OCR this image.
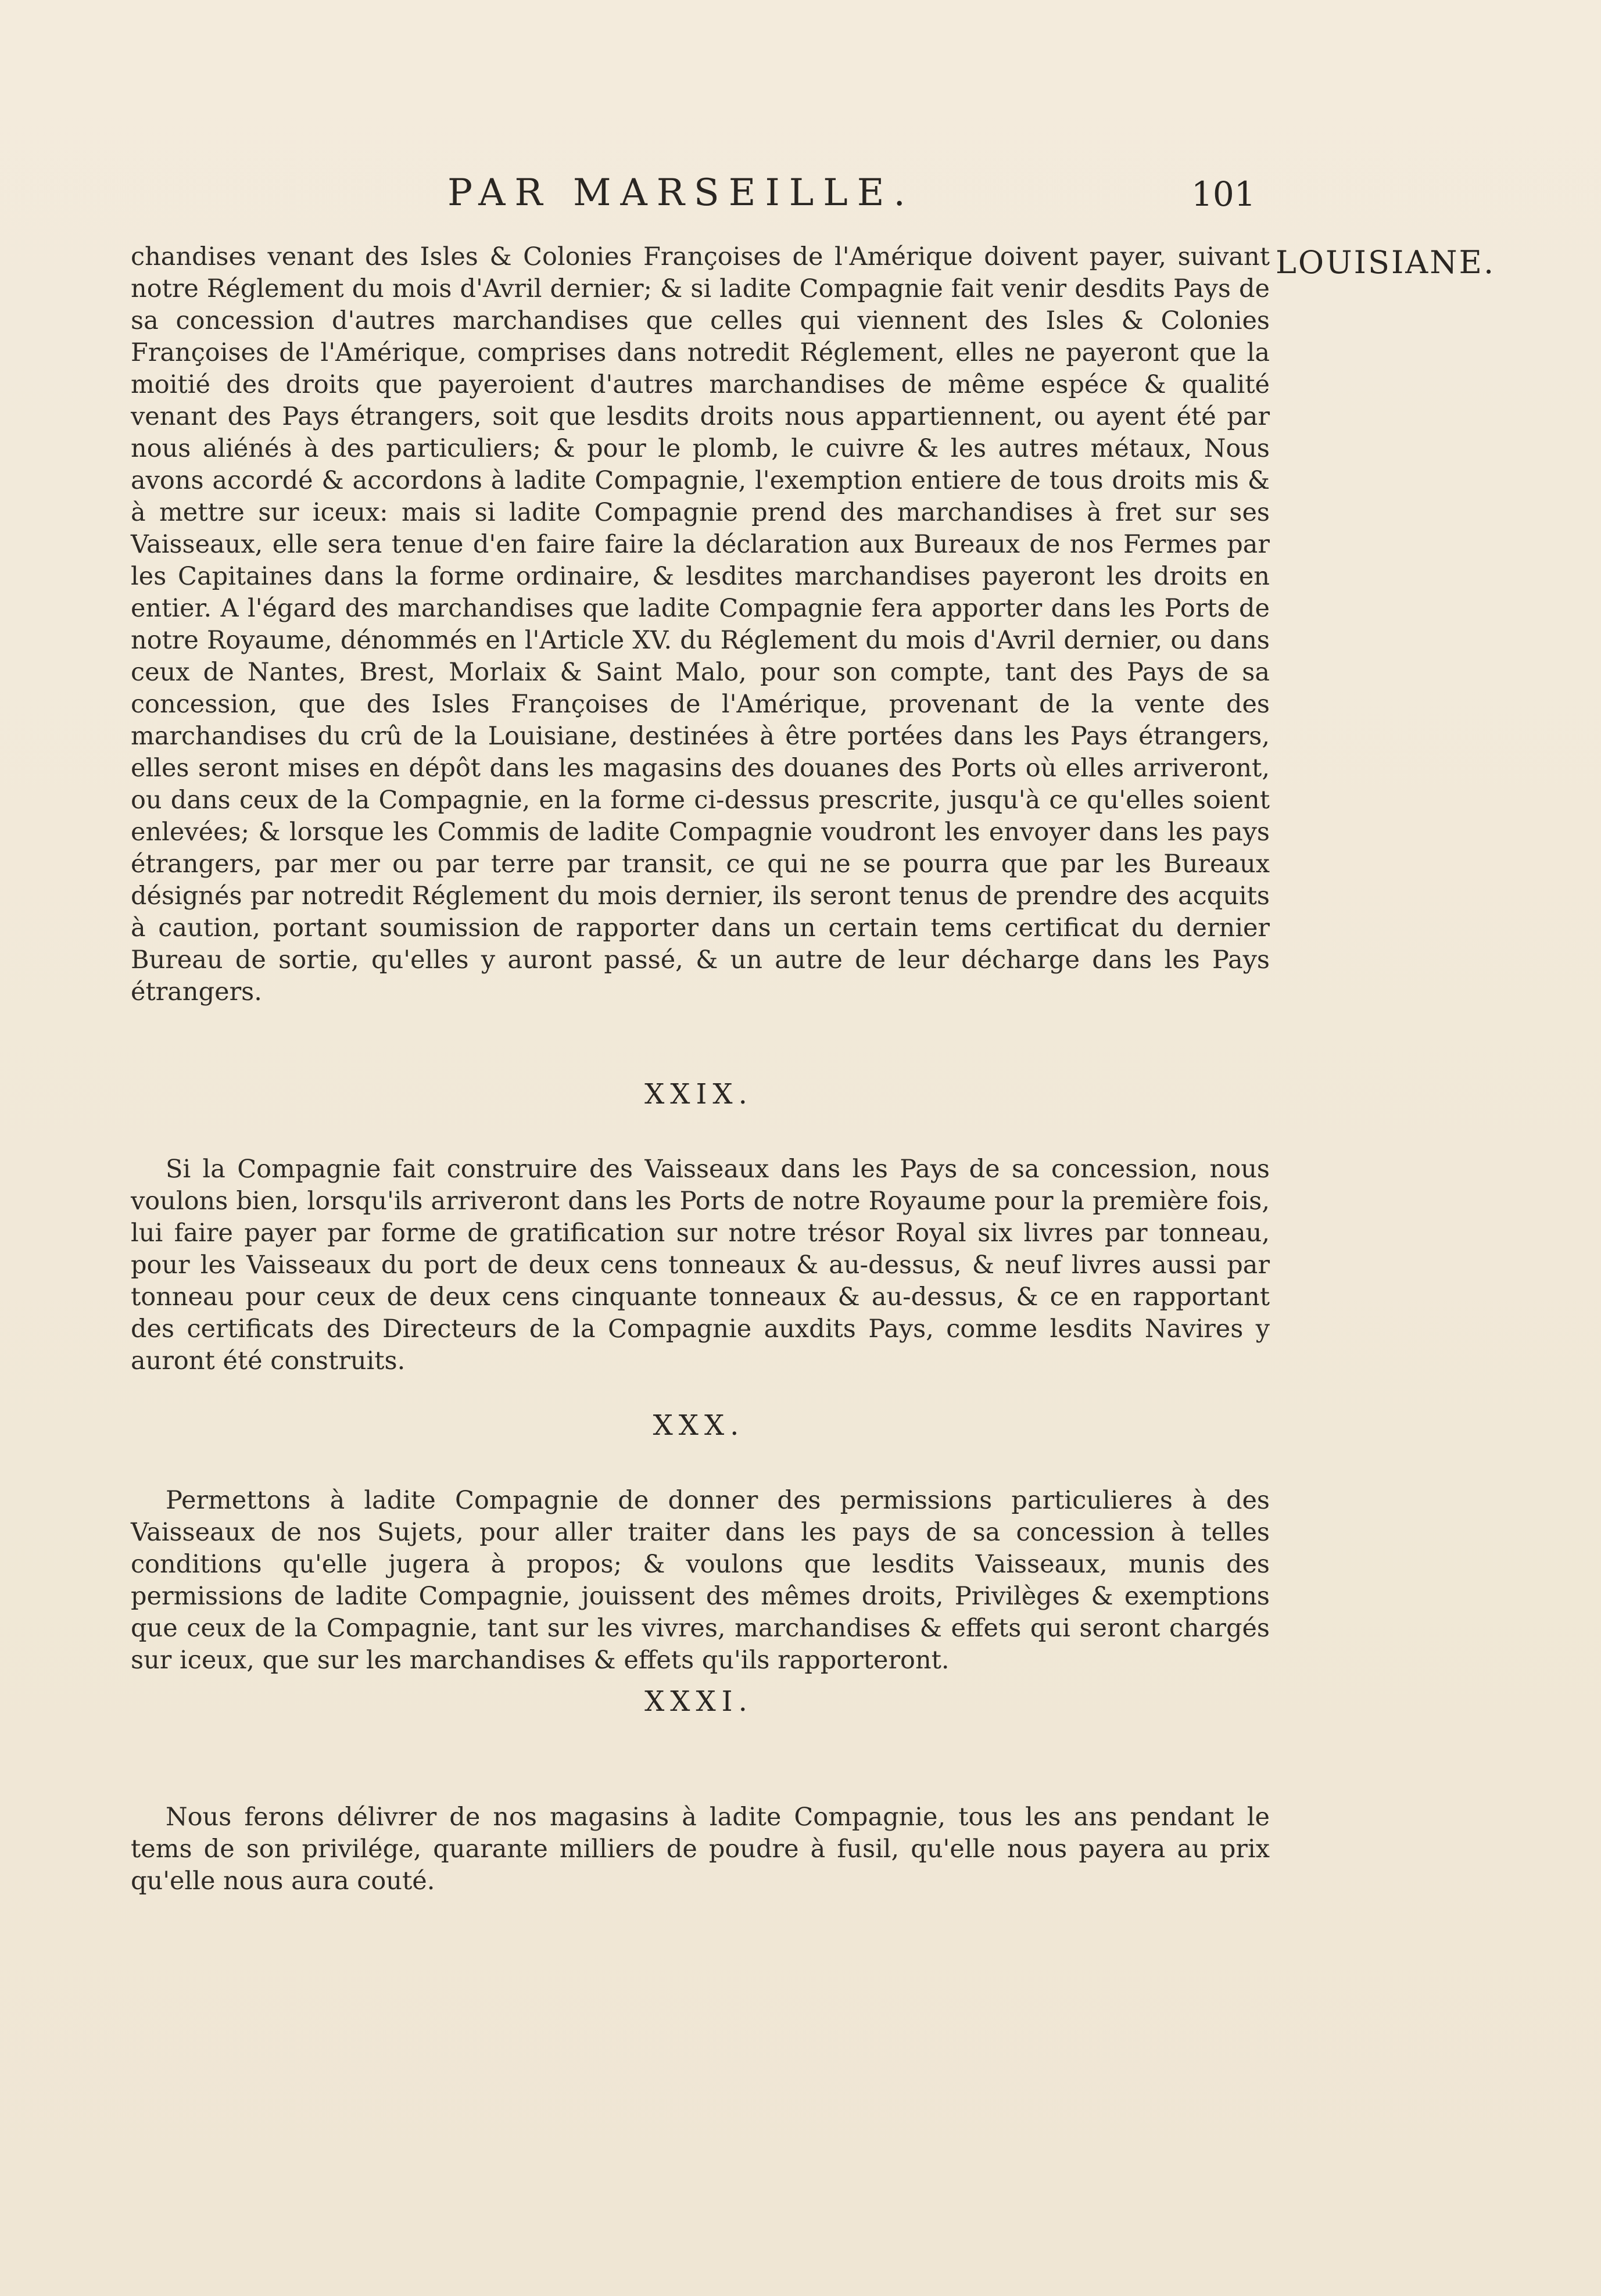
PAR MARSEILLE.	101
LOUISIANE.

chandises venant des Isles & Colonies Françoises de l'Amérique doivent payer, suivant notre Réglement du mois d'Avril dernier; & si ladite Compagnie fait venir desdits Pays de sa concession d'autres marchandises que celles qui viennent des Isles & Colonies Françoises de l'Amérique, comprises dans notredit Réglement, elles ne payeront que la moitié des droits que payeroient d'autres marchandises de même espéce & qualité venant des Pays étrangers, soit que lesdits droits nous appartiennent, ou ayent été par nous aliénés à des particuliers; & pour le plomb, le cuivre & les autres métaux, Nous avons accordé & accordons à ladite Compagnie, l'exemption entiere de tous droits mis & à mettre sur iceux: mais si ladite Compagnie prend des marchandises à fret sur ses Vaisseaux, elle sera tenue d'en faire faire la déclaration aux Bureaux de nos Fermes par les Capitaines dans la forme ordinaire, & lesdites marchandises payeront les droits en entier. A l'égard des marchandises que ladite Compagnie fera apporter dans les Ports de notre Royaume, dénommés en l'Article XV. du Réglement du mois d'Avril dernier, ou dans ceux de Nantes, Brest, Morlaix & Saint Malo, pour son compte, tant des Pays de sa concession, que des Isles Françoises de l'Amérique, provenant de la vente des marchandises du crû de la Louisiane, destinées à être portées dans les Pays étrangers, elles seront mises en dépôt dans les magasins des douanes des Ports où elles arriveront, ou dans ceux de la Compagnie, en la forme ci-dessus prescrite, jusqu'à ce qu'elles soient enlevées; & lorsque les Commis de ladite Compagnie voudront les envoyer dans les pays étrangers, par mer ou par terre par transit, ce qui ne se pourra que par les Bureaux désignés par notredit Réglement du mois dernier, ils seront tenus de prendre des acquits à caution, portant soumission de rapporter dans un certain tems certificat du dernier Bureau de sortie, qu'elles y auront passé, & un autre de leur décharge dans les Pays étrangers.

XXIX.

Si la Compagnie fait construire des Vaisseaux dans les Pays de sa concession, nous voulons bien, lorsqu'ils arriveront dans les Ports de notre Royaume pour la première fois, lui faire payer par forme de gratification sur notre trésor Royal six livres par tonneau, pour les Vaisseaux du port de deux cens tonneaux & au-dessus, & neuf livres aussi par tonneau pour ceux de deux cens cinquante tonneaux & au-dessus, & ce en rapportant des certificats des Directeurs de la Compagnie auxdits Pays, comme lesdits Navires y auront été construits.

XXX.

Permettons à ladite Compagnie de donner des permissions particulieres à des Vaisseaux de nos Sujets, pour aller traiter dans les pays de sa concession à telles conditions qu'elle jugera à propos; & voulons que lesdits Vaisseaux, munis des permissions de ladite Compagnie, jouissent des mêmes droits, Privilèges & exemptions que ceux de la Compagnie, tant sur les vivres, marchandises & effets qui seront chargés sur iceux, que sur les marchandises & effets qu'ils rapporteront.

XXXI.

Nous ferons délivrer de nos magasins à ladite Compagnie, tous les ans pendant le tems de son privilége, quarante milliers de poudre à fusil, qu'elle nous payera au prix qu'elle nous aura couté.
